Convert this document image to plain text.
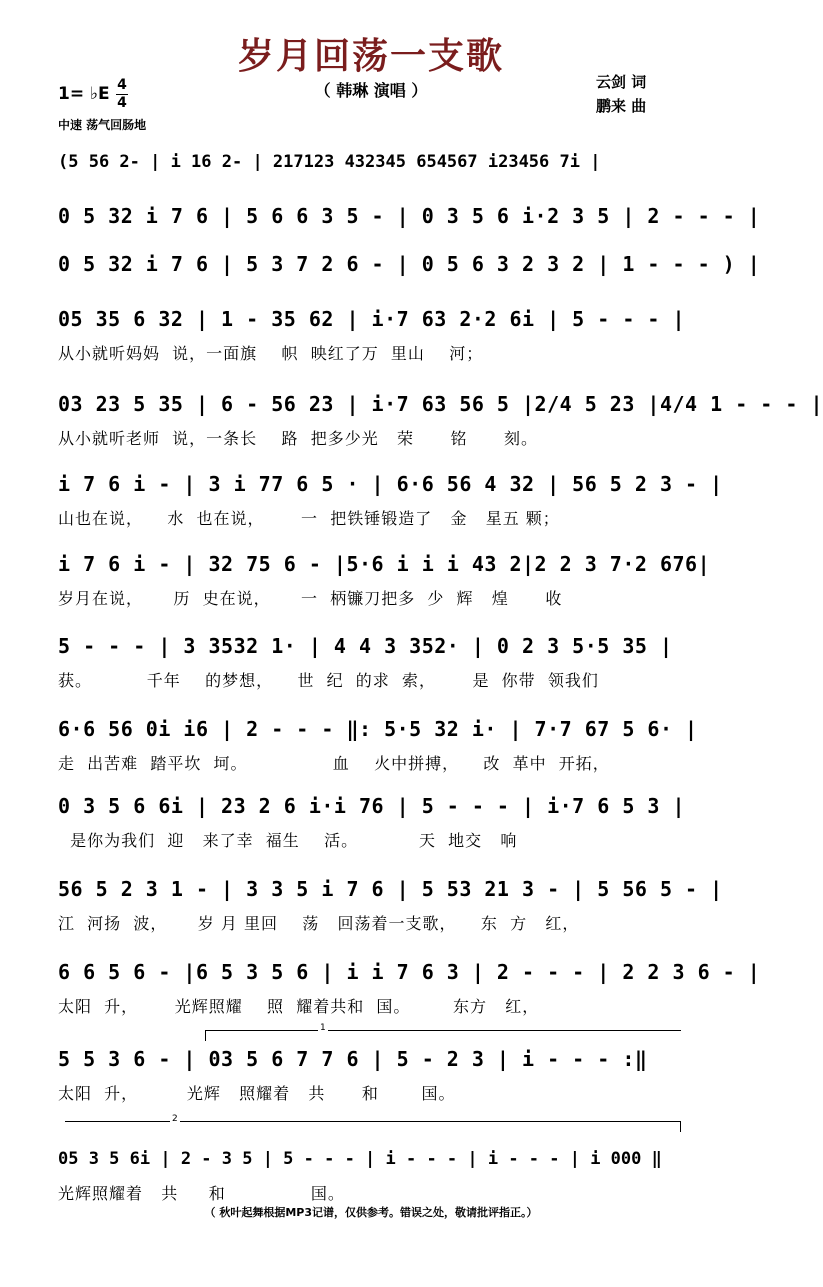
岁月回荡一支歌
（ 韩琳 演唱 ）	云剑 词
鹏来 曲
1= ♭E 4
4
中速 荡气回肠地
(5 56 2- | i 16 2- | 217123 432345 654567 i23456 7i |
0 5 32 i 7 6 | 5 6 6 3 5 - | 0 3 5 6 i·2 3 5 | 2 - - - |
0 5 32 i 7 6 | 5 3 7 2 6 - | 0 5 6 3 2 3 2 | 1 - - - ) |
05 35 6 32 | 1 - 35 62 | i·7 63 2·2 6i | 5 - - - |
从小就听妈妈  说，一面旗    帜  映红了万  里山    河；
03 23 5 35 | 6 - 56 23 | i·7 63 56 5 |2/4 5 23 |4/4 1 - - - |
从小就听老师  说，一条长    路  把多少光   荣      铭      刻。
i 7 6 i - | 3 i 77 6 5 · | 6·6 56 4 32 | 56 5 2 3 - |
山也在说，    水  也在说，      一  把铁锤锻造了   金   星五 颗；
i 7 6 i - | 32 75 6 - |5·6 i i i 43 2|2 2 3 7·2 676|
岁月在说，     历  史在说，     一  柄镰刀把多  少  辉   煌      收
5 - - - | 3 3532 1· | 4 4 3 352· | 0 2 3 5·5 35 |
获。         千年    的梦想，    世  纪  的求  索，      是  你带  领我们
6·6 56 0i i6 | 2 - - - ‖: 5·5 32 i· | 7·7 67 5 6· |
走  出苦难  踏平坎  坷。              血    火中拼搏，    改  革中  开拓，
0 3 5 6 6i | 23 2 6 i·i 76 | 5 - - - | i·7 6 5 3 |
是你为我们  迎   来了幸  福生    活。          天  地交   响
56 5 2 3 1 - | 3 3 5 i 7 6 | 5 53 21 3 - | 5 56 5 - |
江  河扬  波，     岁 月 里回    荡   回荡着一支歌，    东  方   红，
6 6 5 6 - |6 5 3 5 6 | i i 7 6 3 | 2 - - - | 2 2 3 6 - |
太阳  升，      光辉照耀    照  耀着共和  国。       东方   红，
5 5 3 6 - | 03 5 6 7 7 6 | 5 - 2 3 | i - - - :‖
太阳  升，        光辉   照耀着   共      和       国。
05 3 5 6i | 2 - 3 5 | 5 - - - | i - - - | i - - - | i 000 ‖
光辉照耀着   共     和              国。
1
2
（ 秋叶起舞根据MP3记谱，仅供参考。错误之处，敬请批评指正。）
